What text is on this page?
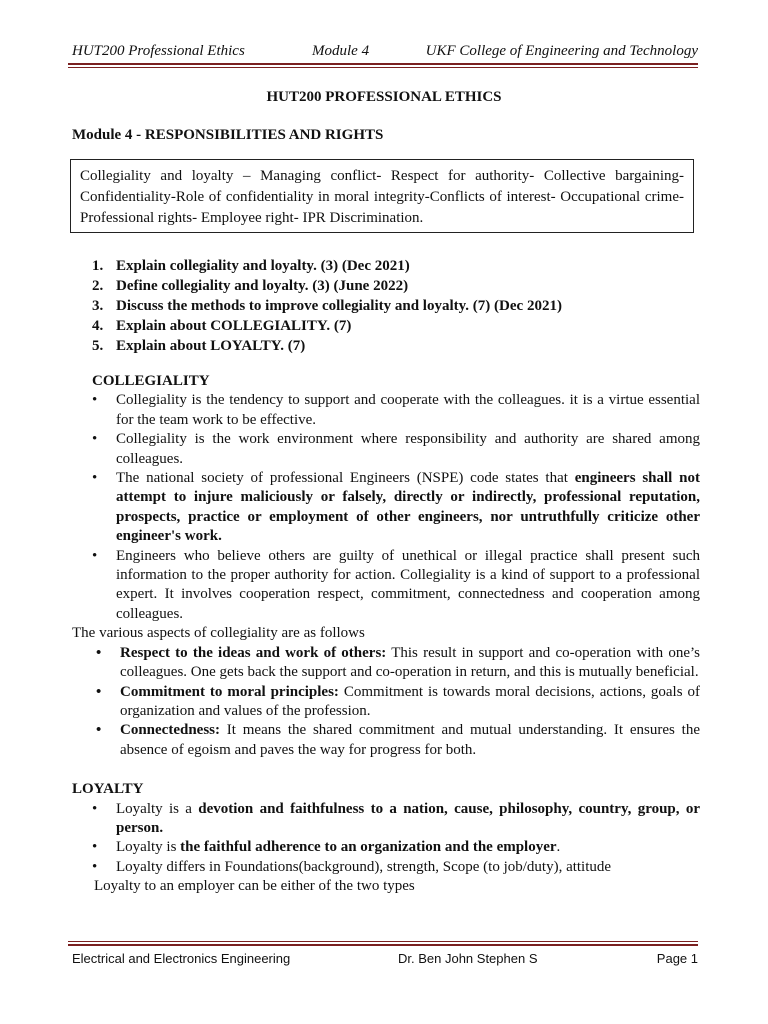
HUT200 Professional Ethics	Module 4	UKF College of Engineering and Technology
HUT200 PROFESSIONAL ETHICS
Module 4 - RESPONSIBILITIES AND RIGHTS
Collegiality and loyalty – Managing conflict- Respect for authority- Collective bargaining-Confidentiality-Role of confidentiality in moral integrity-Conflicts of interest- Occupational crime- Professional rights- Employee right- IPR Discrimination.
1. Explain collegiality and loyalty. (3) (Dec 2021)
2. Define collegiality and loyalty. (3) (June 2022)
3. Discuss the methods to improve collegiality and loyalty. (7) (Dec 2021)
4. Explain about COLLEGIALITY. (7)
5. Explain about LOYALTY. (7)
COLLEGIALITY

• Collegiality is the tendency to support and cooperate with the colleagues. it is a virtue essential for the team work to be effective.

• Collegiality is the work environment where responsibility and authority are shared among colleagues.

• The national society of professional Engineers (NSPE) code states that engineers shall not attempt to injure maliciously or falsely, directly or indirectly, professional reputation, prospects, practice or employment of other engineers, nor untruthfully criticize other engineer's work.

• Engineers who believe others are guilty of unethical or illegal practice shall present such information to the proper authority for action. Collegiality is a kind of support to a professional expert. It involves cooperation respect, commitment, connectedness and cooperation among colleagues.

The various aspects of collegiality are as follows

• Respect to the ideas and work of others: This result in support and co-operation with one’s colleagues. One gets back the support and co-operation in return, and this is mutually beneficial.

• Commitment to moral principles: Commitment is towards moral decisions, actions, goals of organization and values of the profession.

• Connectedness: It means the shared commitment and mutual understanding. It ensures the absence of egoism and paves the way for progress for both.

LOYALTY

• Loyalty is a devotion and faithfulness to a nation, cause, philosophy, country, group, or person.

• Loyalty is the faithful adherence to an organization and the employer.

• Loyalty differs in Foundations(background), strength, Scope (to job/duty), attitude

Loyalty to an employer can be either of the two types
Electrical and Electronics Engineering	Dr. Ben John Stephen S	Page 1
